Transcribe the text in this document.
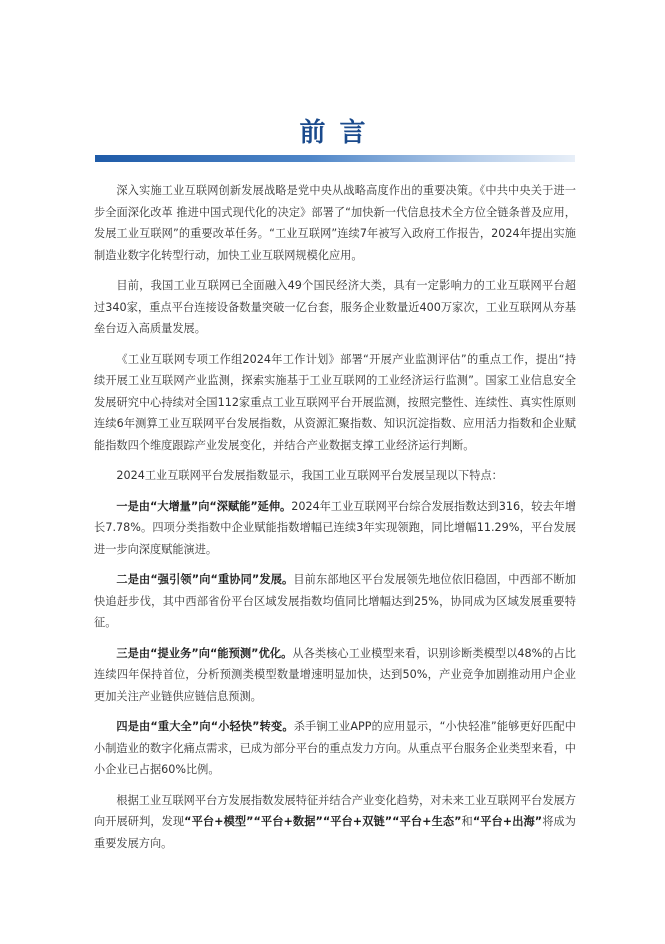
前言

深入实施工业互联网创新发展战略是党中央从战略高度作出的重要决策。《中共中央关于进一步全面深化改革 推进中国式现代化的决定》部署了“加快新一代信息技术全方位全链条普及应用，发展工业互联网”的重要改革任务。“工业互联网”连续7年被写入政府工作报告，2024年提出实施制造业数字化转型行动，加快工业互联网规模化应用。

目前，我国工业互联网已全面融入49个国民经济大类，具有一定影响力的工业互联网平台超过340家，重点平台连接设备数量突破一亿台套，服务企业数量近400万家次，工业互联网从夯基垒台迈入高质量发展。

《工业互联网专项工作组2024年工作计划》部署“开展产业监测评估”的重点工作，提出“持续开展工业互联网产业监测，探索实施基于工业互联网的工业经济运行监测”。国家工业信息安全发展研究中心持续对全国112家重点工业互联网平台开展监测，按照完整性、连续性、真实性原则连续6年测算工业互联网平台发展指数，从资源汇聚指数、知识沉淀指数、应用活力指数和企业赋能指数四个维度跟踪产业发展变化，并结合产业数据支撑工业经济运行判断。

2024工业互联网平台发展指数显示，我国工业互联网平台发展呈现以下特点：

一是由“大增量”向“深赋能”延伸。2024年工业互联网平台综合发展指数达到316，较去年增长7.78%。四项分类指数中企业赋能指数增幅已连续3年实现领跑，同比增幅11.29%，平台发展进一步向深度赋能演进。

二是由“强引领”向“重协同”发展。目前东部地区平台发展领先地位依旧稳固，中西部不断加快追赶步伐，其中西部省份平台区域发展指数均值同比增幅达到25%，协同成为区域发展重要特征。

三是由“提业务”向“能预测”优化。从各类核心工业模型来看，识别诊断类模型以48%的占比连续四年保持首位，分析预测类模型数量增速明显加快，达到50%，产业竞争加剧推动用户企业更加关注产业链供应链信息预测。

四是由“重大全”向“小轻快”转变。杀手锏工业APP的应用显示，“小快轻准”能够更好匹配中小制造业的数字化痛点需求，已成为部分平台的重点发力方向。从重点平台服务企业类型来看，中小企业已占据60%比例。

根据工业互联网平台方发展指数发展特征并结合产业变化趋势，对未来工业互联网平台发展方向开展研判，发现“平台+模型”“平台+数据”“平台+双链”“平台+生态”和“平台+出海”将成为重要发展方向。
